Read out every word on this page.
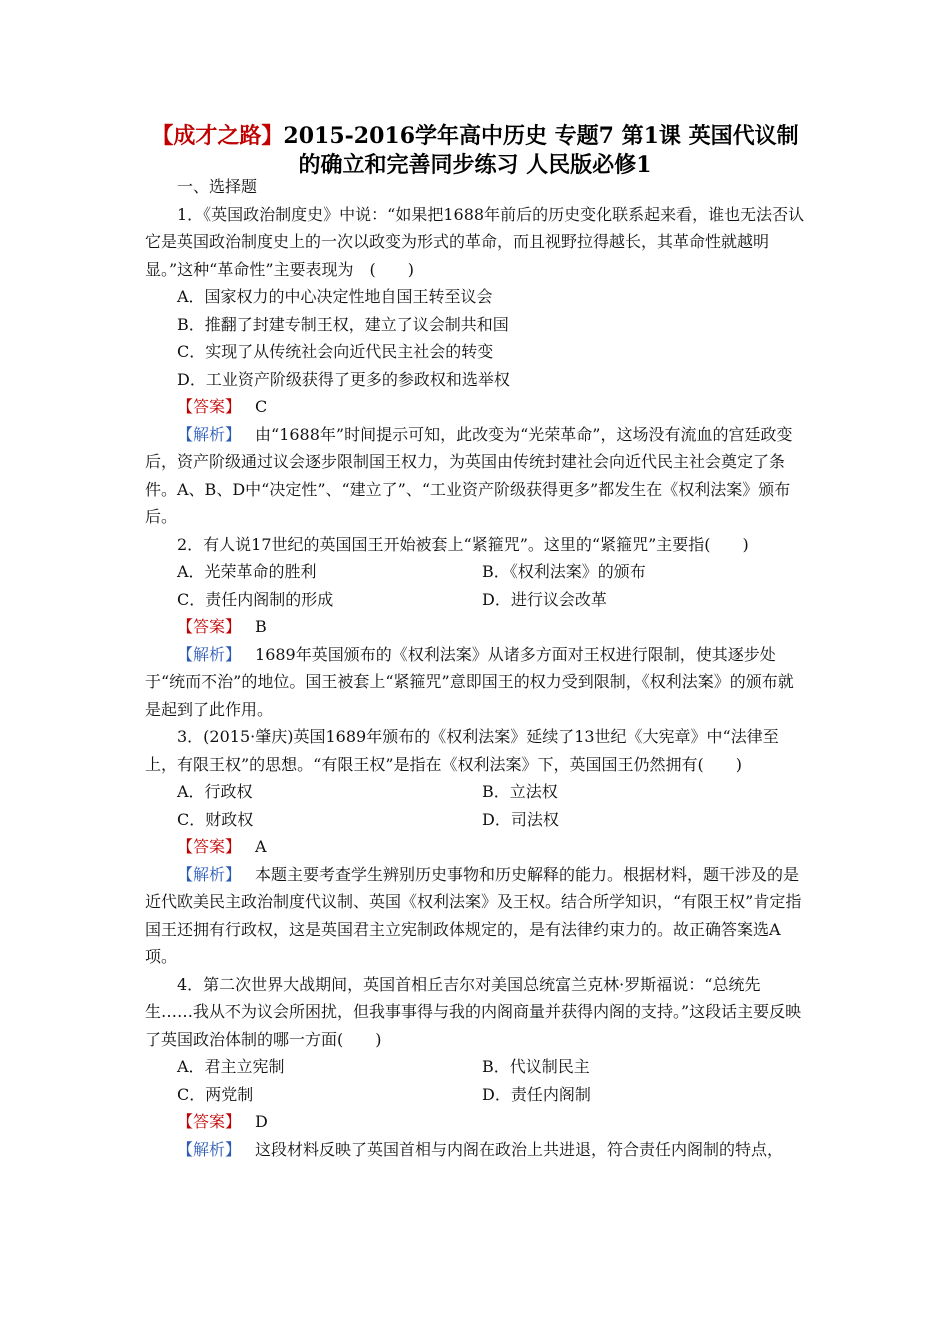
【成才之路】2015-2016学年高中历史 专题7 第1课 英国代议制
的确立和完善同步练习 人民版必修1

一、选择题

1．《英国政治制度史》中说：“如果把1688年前后的历史变化联系起来看，谁也无法否认它是英国政治制度史上的一次以政变为形式的革命，而且视野拉得越长，其革命性就越明显。”这种“革命性”主要表现为　(　　)

A．国家权力的中心决定性地自国王转至议会

B．推翻了封建专制王权，建立了议会制共和国

C．实现了从传统社会向近代民主社会的转变

D．工业资产阶级获得了更多的参政权和选举权

【答案】 C

【解析】 由“1688年”时间提示可知，此改变为“光荣革命”，这场没有流血的宫廷政变后，资产阶级通过议会逐步限制国王权力，为英国由传统封建社会向近代民主社会奠定了条件。A、B、D中“决定性”、“建立了”、“工业资产阶级获得更多”都发生在《权利法案》颁布后。

2．有人说17世纪的英国国王开始被套上“紧箍咒”。这里的“紧箍咒”主要指(　　)

A．光荣革命的胜利	B．《权利法案》的颁布
C．责任内阁制的形成	D．进行议会改革

【答案】 B

【解析】 1689年英国颁布的《权利法案》从诸多方面对王权进行限制，使其逐步处于“统而不治”的地位。国王被套上“紧箍咒”意即国王的权力受到限制，《权利法案》的颁布就是起到了此作用。

3．(2015·肇庆)英国1689年颁布的《权利法案》延续了13世纪《大宪章》中“法律至上，有限王权”的思想。“有限王权”是指在《权利法案》下，英国国王仍然拥有(　　)

A．行政权	B．立法权
C．财政权	D．司法权

【答案】 A

【解析】 本题主要考查学生辨别历史事物和历史解释的能力。根据材料，题干涉及的是近代欧美民主政治制度代议制、英国《权利法案》及王权。结合所学知识，“有限王权”肯定指国王还拥有行政权，这是英国君主立宪制政体规定的，是有法律约束力的。故正确答案选A项。

4．第二次世界大战期间，英国首相丘吉尔对美国总统富兰克林·罗斯福说：“总统先生……我从不为议会所困扰，但我事事得与我的内阁商量并获得内阁的支持。”这段话主要反映了英国政治体制的哪一方面(　　)

A．君主立宪制	B．代议制民主
C．两党制	D．责任内阁制

【答案】 D

【解析】 这段材料反映了英国首相与内阁在政治上共进退，符合责任内阁制的特点，
